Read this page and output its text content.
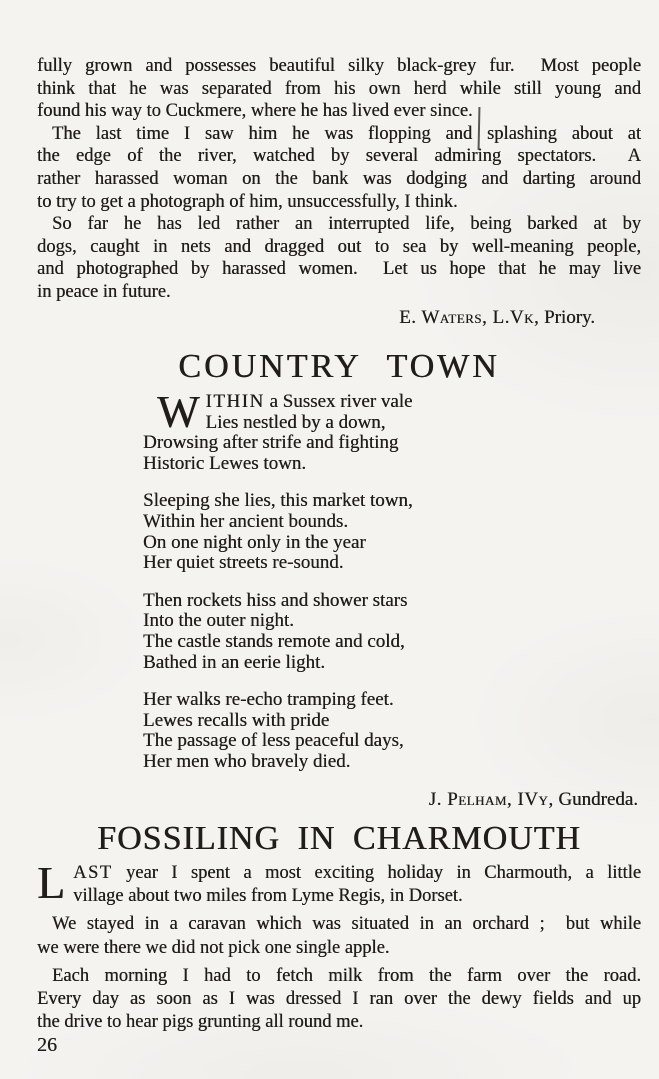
fully grown and possesses beautiful silky black-grey fur.  Most people
think that he was separated from his own herd while still young and
found his way to Cuckmere, where he has lived ever since.
The last time I saw him he was flopping and splashing about at
the edge of the river, watched by several admiring spectators.  A
rather harassed woman on the bank was dodging and darting around
to try to get a photograph of him, unsuccessfully, I think.
So far he has led rather an interrupted life, being barked at by
dogs, caught in nets and dragged out to sea by well-meaning people,
and photographed by harassed women.  Let us hope that he may live
in peace in future.
E. Waters, L.Vk, Priory.
COUNTRY TOWN
W ITHIN a Sussex river vale
Lies nestled by a down,
Drowsing after strife and fighting
Historic Lewes town.
Sleeping she lies, this market town,
Within her ancient bounds.
On one night only in the year
Her quiet streets re-sound.
Then rockets hiss and shower stars
Into the outer night.
The castle stands remote and cold,
Bathed in an eerie light.
Her walks re-echo tramping feet.
Lewes recalls with pride
The passage of less peaceful days,
Her men who bravely died.
J. Pelham, IVy, Gundreda.
FOSSILING IN CHARMOUTH
L AST year I spent a most exciting holiday in Charmouth, a little
village about two miles from Lyme Regis, in Dorset.
We stayed in a caravan which was situated in an orchard ;  but while
we were there we did not pick one single apple.
Each morning I had to fetch milk from the farm over the road.
Every day as soon as I was dressed I ran over the dewy fields and up
the drive to hear pigs grunting all round me.
26
